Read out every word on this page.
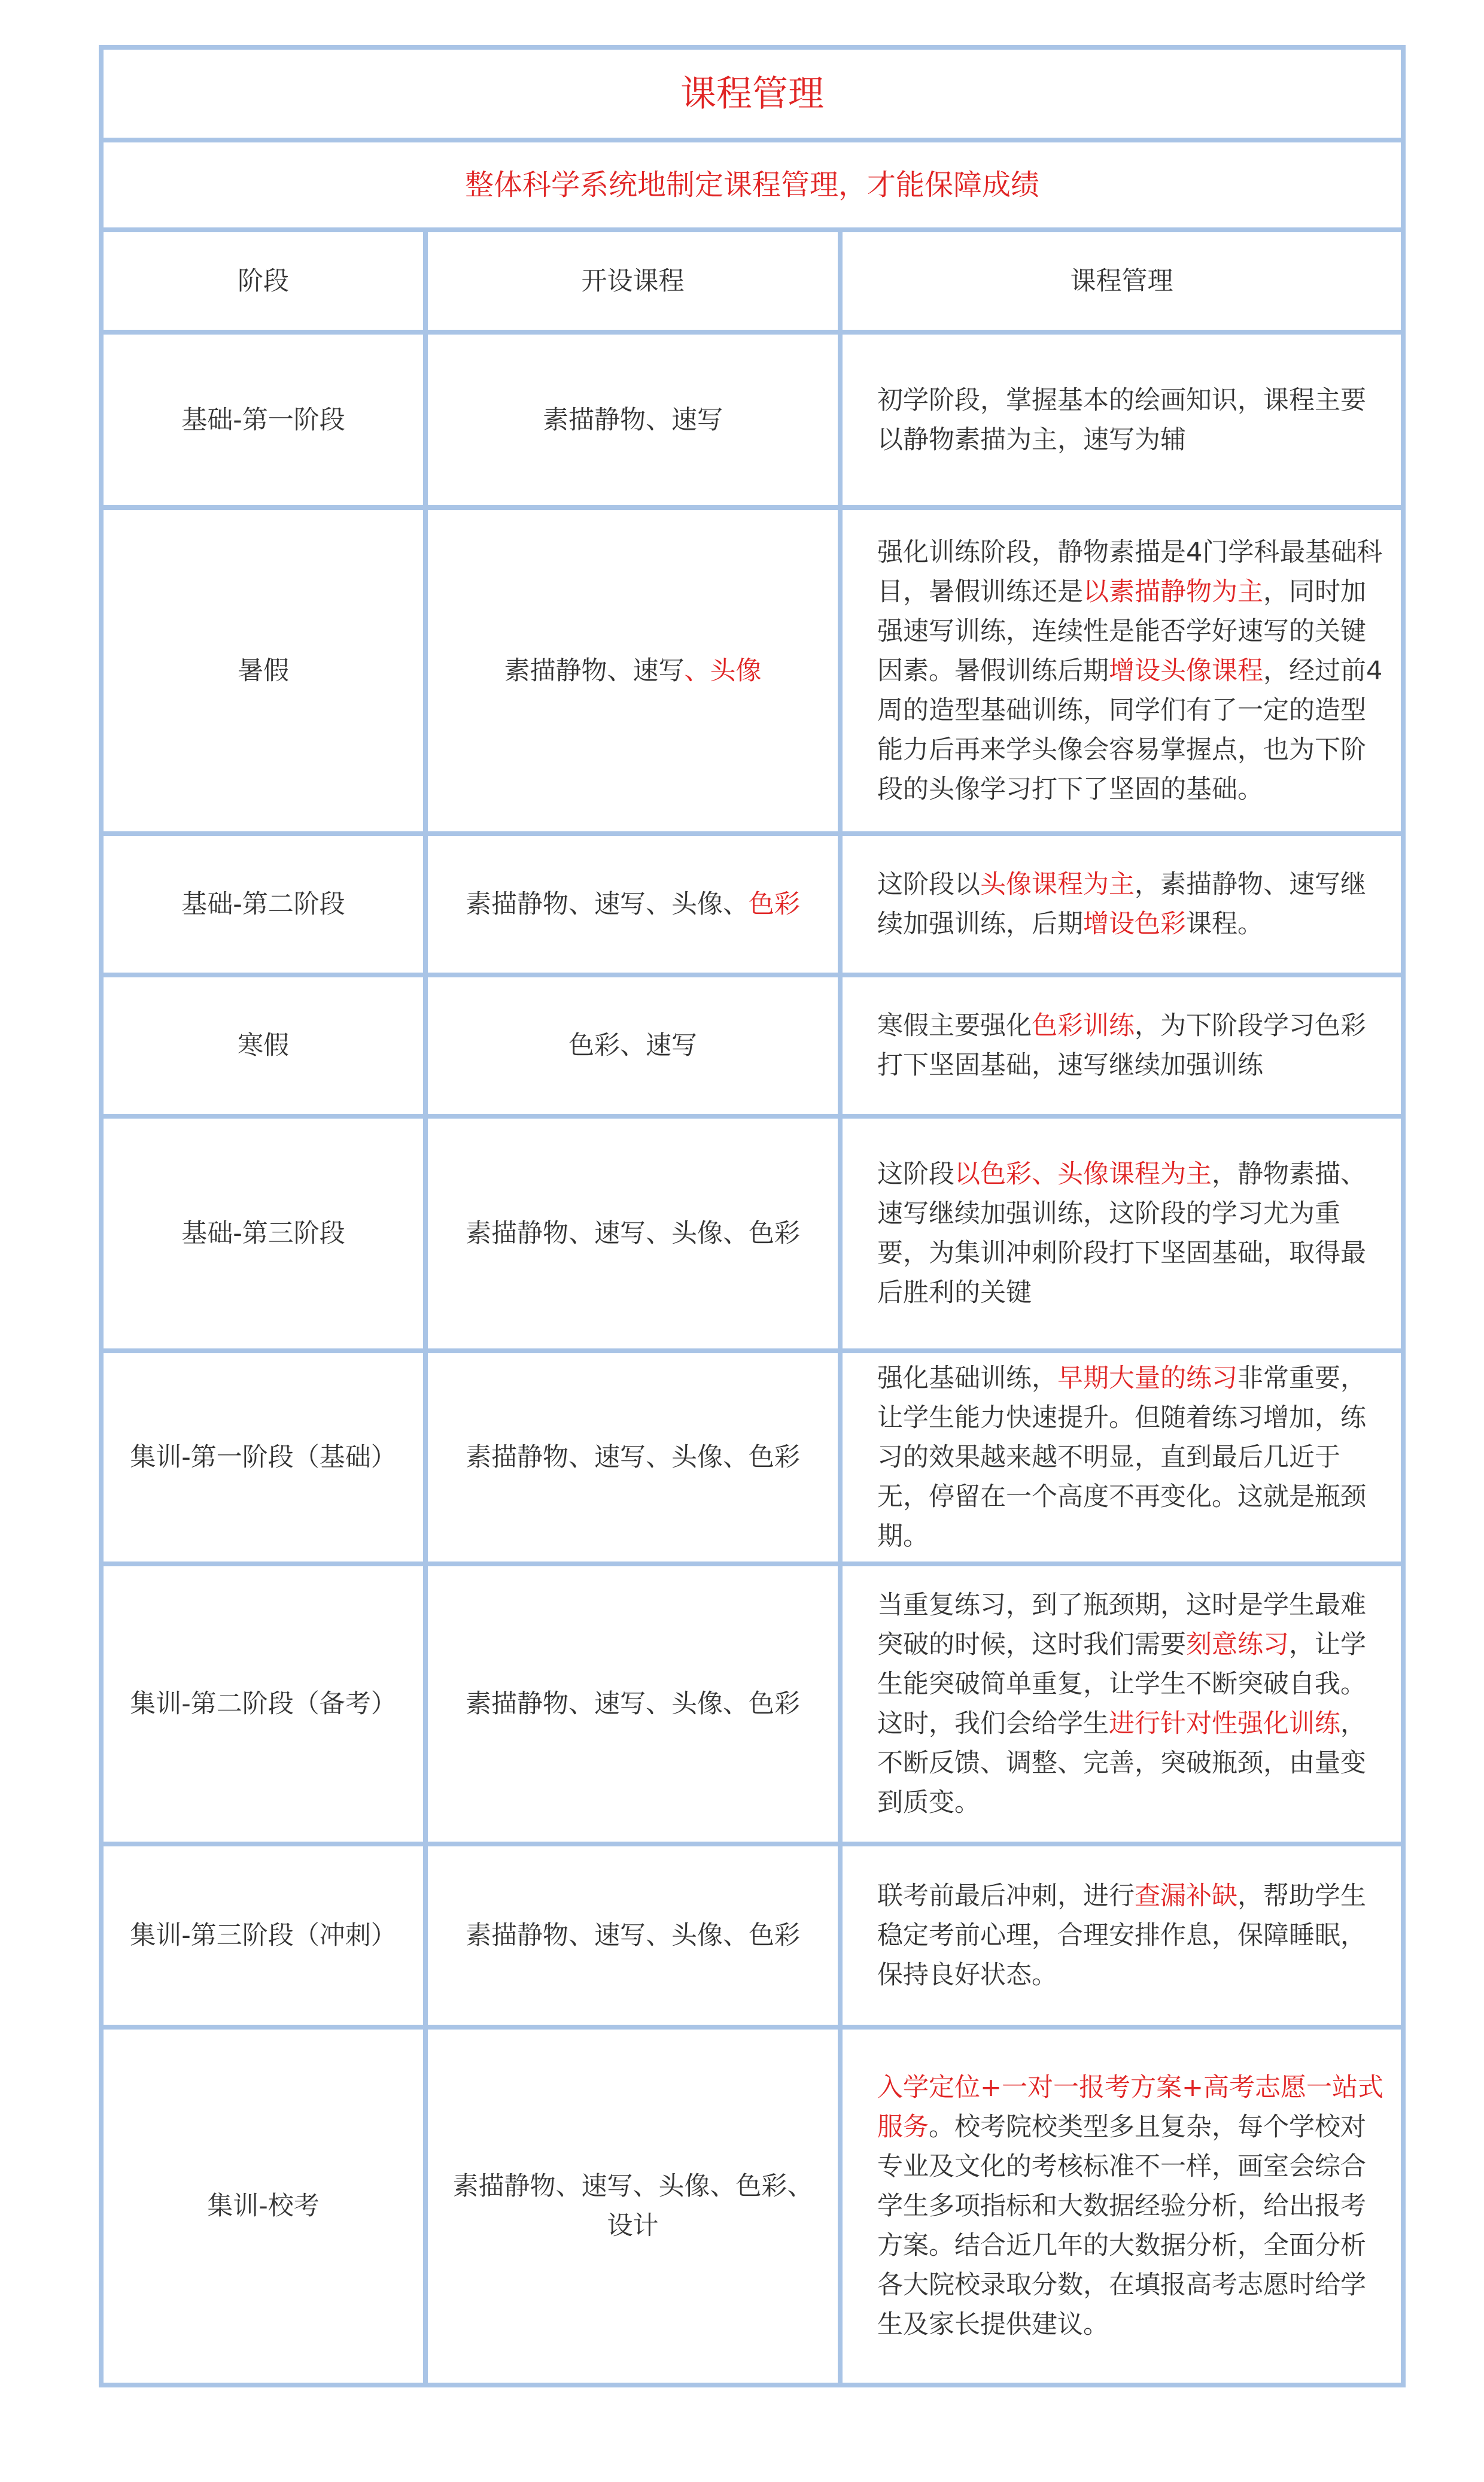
课程管理		
整体科学系统地制定课程管理，才能保障成绩		
阶段	开设课程	课程管理
基础-第一阶段	素描静物、速写	初学阶段，掌握基本的绘画知识，课程主要以静物素描为主，速写为辅
暑假	素描静物、速写、头像	强化训练阶段，静物素描是4门学科最基础科目，暑假训练还是以素描静物为主，同时加强速写训练，连续性是能否学好速写的关键因素。暑假训练后期增设头像课程，经过前4周的造型基础训练，同学们有了一定的造型能力后再来学头像会容易掌握点，也为下阶段的头像学习打下了坚固的基础。
基础-第二阶段	素描静物、速写、头像、色彩	这阶段以头像课程为主，素描静物、速写继续加强训练，后期增设色彩课程。
寒假	色彩、速写	寒假主要强化色彩训练，为下阶段学习色彩打下坚固基础，速写继续加强训练
基础-第三阶段	素描静物、速写、头像、色彩	这阶段以色彩、头像课程为主，静物素描、速写继续加强训练，这阶段的学习尤为重要，为集训冲刺阶段打下坚固基础，取得最后胜利的关键
集训-第一阶段（基础）	素描静物、速写、头像、色彩	强化基础训练，早期大量的练习非常重要，让学生能力快速提升。但随着练习增加，练习的效果越来越不明显，直到最后几近于无，停留在一个高度不再变化。这就是瓶颈期。
集训-第二阶段（备考）	素描静物、速写、头像、色彩	当重复练习，到了瓶颈期，这时是学生最难突破的时候，这时我们需要刻意练习，让学生能突破简单重复，让学生不断突破自我。这时，我们会给学生进行针对性强化训练，不断反馈、调整、完善，突破瓶颈，由量变到质变。
集训-第三阶段（冲刺）	素描静物、速写、头像、色彩	联考前最后冲刺，进行查漏补缺，帮助学生稳定考前心理，合理安排作息，保障睡眠，保持良好状态。
集训-校考	素描静物、速写、头像、色彩、设计	入学定位+一对一报考方案+高考志愿一站式服务。校考院校类型多且复杂，每个学校对专业及文化的考核标准不一样，画室会综合学生多项指标和大数据经验分析，给出报考方案。结合近几年的大数据分析，全面分析各大院校录取分数，在填报高考志愿时给学生及家长提供建议。
